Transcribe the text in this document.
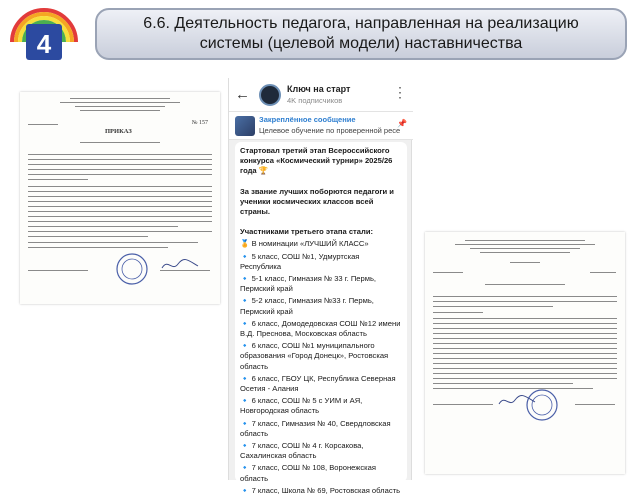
4
6.6. Деятельность педагога, направленная на реализацию
системы (целевой модели) наставничества
№ 157
ПРИКАЗ
←	Ключ на старт
4K подписчиков
⋮
Закреплённое сообщение
Целевое обучение по проверенной ресе
📌

Стартовал третий этап Всероссийского конкурса «Космический турнир» 2025/26 года 🏆

За звание лучших поборются педагоги и ученики космических классов всей страны.

Участниками третьего этапа стали:

🏅 В номинации «ЛУЧШИЙ КЛАСС»

🔹 5 класс, СОШ №1, Удмуртская Республика

🔹 5-1 класс, Гимназия № 33 г. Пермь, Пермский край

🔹 5-2 класс, Гимназия №33 г. Пермь, Пермский край

🔹 6 класс, Домодедовская СОШ №12 имени В.Д. Преснова, Московская область

🔹 6 класс, СОШ №1 муниципального образования «Город Донецк», Ростовская область

🔹 6 класс, ГБОУ ЦК, Республика Северная Осетия - Алания

🔹 6 класс, СОШ № 5 с УИМ и АЯ, Новгородская область

🔹 7 класс, Гимназия № 40, Свердловская область

🔹 7 класс, СОШ № 4 г. Корсакова, Сахалинская область

🔹 7 класс, СОШ № 108, Воронежская область

🔹 7 класс, Школа № 69, Ростовская область
